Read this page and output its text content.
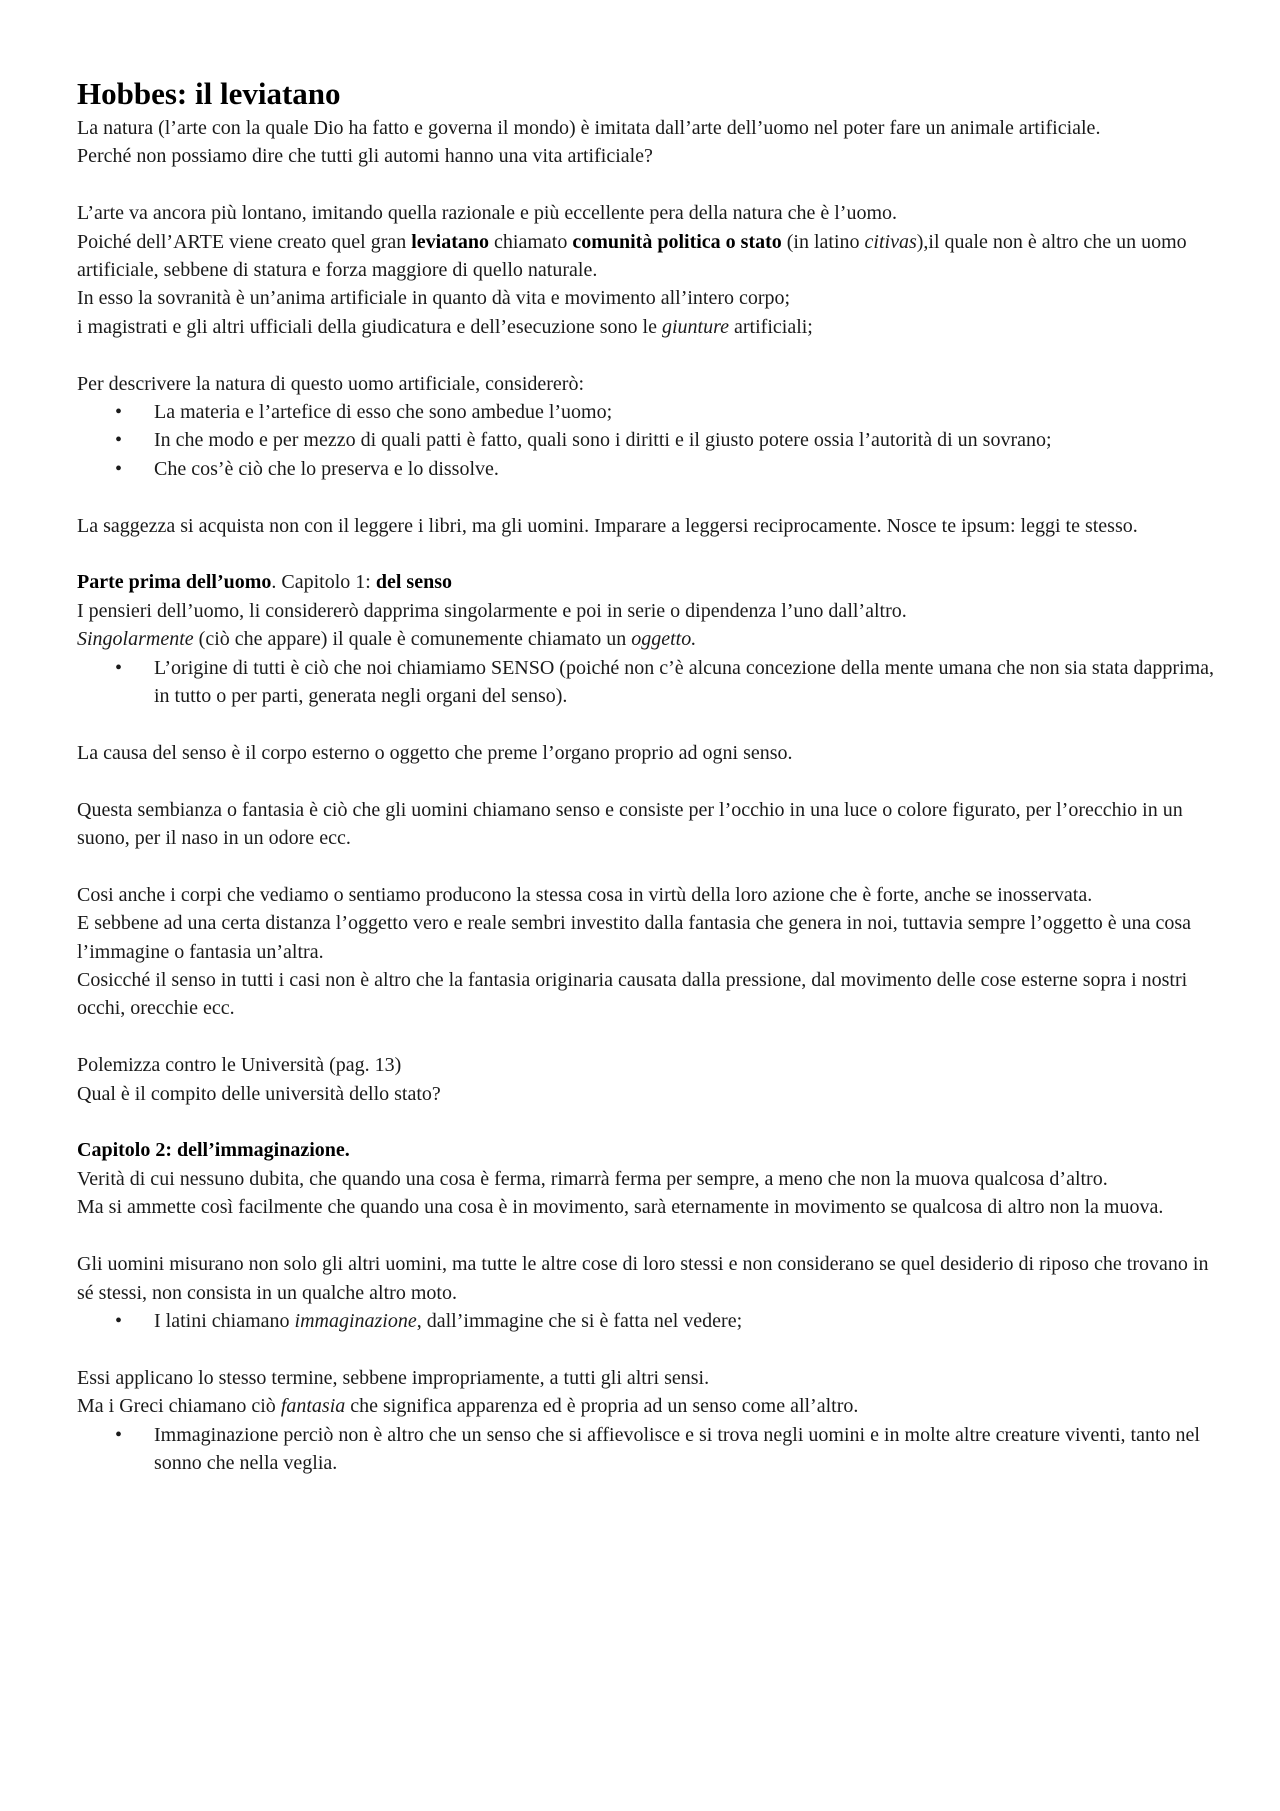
Hobbes: il leviatano

La natura (l’arte con la quale Dio ha fatto e governa il mondo) è imitata dall’arte dell’uomo nel poter fare un animale artificiale.

Perché non possiamo dire che tutti gli automi hanno una vita artificiale?

L’arte va ancora più lontano, imitando quella razionale e più eccellente pera della natura che è l’uomo.

Poiché dell’ARTE viene creato quel gran leviatano chiamato comunità politica o stato (in latino citivas),il quale non è altro che un uomo artificiale, sebbene di statura e forza maggiore di quello naturale.

In esso la sovranità è un’anima artificiale in quanto dà vita e movimento all’intero corpo;

i magistrati e gli altri ufficiali della giudicatura e dell’esecuzione sono le giunture artificiali;

Per descrivere la natura di questo uomo artificiale, considererò:

• La materia e l’artefice di esso che sono ambedue l’uomo;
• In che modo e per mezzo di quali patti è fatto, quali sono i diritti e il giusto potere ossia l’autorità di un sovrano;
• Che cos’è ciò che lo preserva e lo dissolve.

La saggezza si acquista non con il leggere i libri, ma gli uomini. Imparare a leggersi reciprocamente. Nosce te ipsum: leggi te stesso.

Parte prima dell’uomo. Capitolo 1: del senso

I pensieri dell’uomo, li considererò dapprima singolarmente e poi in serie o dipendenza l’uno dall’altro.

Singolarmente (ciò che appare) il quale è comunemente chiamato un oggetto.

• L’origine di tutti è ciò che noi chiamiamo SENSO (poiché non c’è alcuna concezione della mente umana che non sia stata dapprima, in tutto o per parti, generata negli organi del senso).

La causa del senso è il corpo esterno o oggetto che preme l’organo proprio ad ogni senso.

Questa sembianza o fantasia è ciò che gli uomini chiamano senso e consiste per l’occhio in una luce o colore figurato, per l’orecchio in un suono, per il naso in un odore ecc.

Cosi anche i corpi che vediamo o sentiamo producono la stessa cosa in virtù della loro azione che è forte, anche se inosservata.

E sebbene ad una certa distanza l’oggetto vero e reale sembri investito dalla fantasia che genera in noi, tuttavia sempre l’oggetto è una cosa l’immagine o fantasia un’altra.

Cosicché il senso in tutti i casi non è altro che la fantasia originaria causata dalla pressione, dal movimento delle cose esterne sopra i nostri occhi, orecchie ecc.

Polemizza contro le Università (pag. 13)

Qual è il compito delle università dello stato?

Capitolo 2: dell’immaginazione.

Verità di cui nessuno dubita, che quando una cosa è ferma, rimarrà ferma per sempre, a meno che non la muova qualcosa d’altro.

Ma si ammette così facilmente che quando una cosa è in movimento, sarà eternamente in movimento se qualcosa di altro non la muova.

Gli uomini misurano non solo gli altri uomini, ma tutte le altre cose di loro stessi e non considerano se quel desiderio di riposo che trovano in sé stessi, non consista in un qualche altro moto.

• I latini chiamano immaginazione, dall’immagine che si è fatta nel vedere;

Essi applicano lo stesso termine, sebbene impropriamente, a tutti gli altri sensi.

Ma i Greci chiamano ciò fantasia che significa apparenza ed è propria ad un senso come all’altro.

• Immaginazione perciò non è altro che un senso che si affievolisce e si trova negli uomini e in molte altre creature viventi, tanto nel sonno che nella veglia.
